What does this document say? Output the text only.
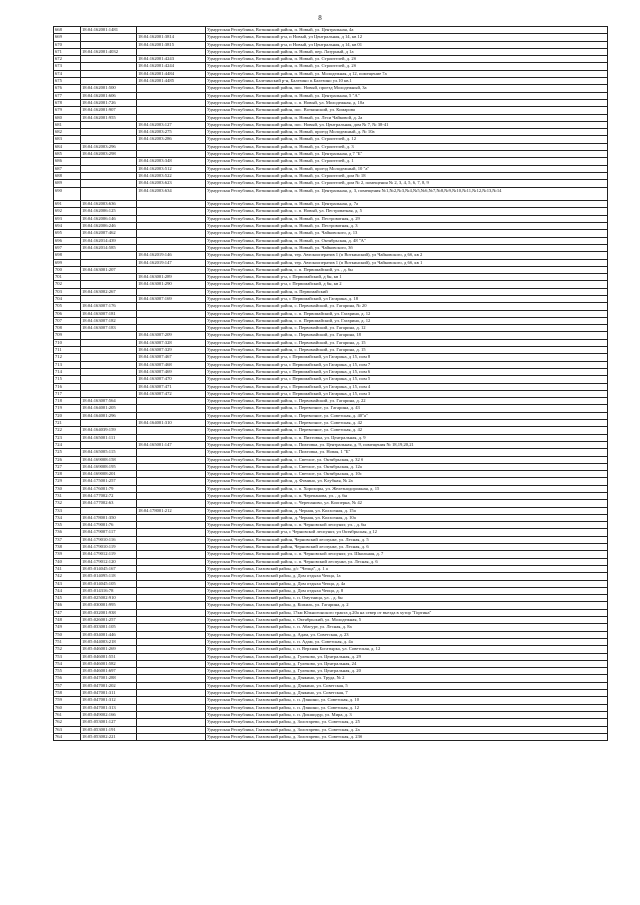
8
668	18:04:162001:1481		Удмуртская Республика, Воткинский район, п. Новый, ул. Центральная, 4а
669		18:04:162001:3814	Удмуртская Республика, Воткинский р-н, п Новый, ул Центральная, д 14, кв 12
670		18:04:162001:3815	Удмуртская Республика, Воткинский р-н, п Новый, ул Центральная, д 14, кв 01
671	18:04:162001:4032		Удмуртская Республика, Воткинский район, п. Новый, пер. Лазурный, д 1а
672		18:04:162001:4243	Удмуртская Республика, Воткинский район, п. Новый, ул. Строителей, д. 2б
673		18:04:162001:4244	Удмуртская Республика, Воткинский район, п. Новый, ул. Строителей, д. 2б
674		18:04:162001:4484	Удмуртская Республика, Воткинский район, п. Новый, ул. Молодежная, д 12, помещение 7а
675		18:04:162001:4485	Удмуртская Республика, Балезинский р-н, Балезино п.Балезино ул.10 кв.1
676	18:04:162001:500		Удмуртская Республика, Воткинский район, пос. Новый, проезд Молодежный, 3а
677	18:04:162001:606		Удмуртская Республика, Воткинский район, п. Новый, ул. Центральная, 5 "А"
678	18:04:162001:726		Удмуртская Республика, Воткинский район, с. п. Новый, ул. Молодежная, д. 10а
679	18:04:162001:907		Удмуртская Республика, Воткинский район, пос. Воткинский, ул. Комарова
680	18:04:162001:955		Удмуртская Республика, Воткинский район, п. Новый, ул. Леси Чайковой, д. 2а
681		18:04:162003:127	Удмуртская Республика, Воткинский район, пос. Новый, ул. Центральная, дом № 7, № 38-41
682		18:04:162003:275	Удмуртская Республика, Воткинский район, п. Новый, проезд Молодежный, д. № 10а
683		18:04:162003:286	Удмуртская Республика, Воткинский район, п. Новый, ул. Строителей, д. 12
684	18:04:162003:296		Удмуртская Республика, Воткинский район, п. Новый, ул. Строителей, д. 3
685	18:04:162003:298		Удмуртская Республика, Воткинский район, п. Новый, ул. Центральная, д 7 "Б"
686		18:04:162003:348	Удмуртская Республика, Воткинский район, п. Новый, ул. Строителей, д. 1
687		18:04:162003:512	Удмуртская Республика, Воткинский район, п. Новый, проезд Молодежный, 10 "а"
688		18:04:162003:522	Удмуртская Республика, Воткинский район, п. Новый, ул. Строителей, дом № 18
689		18:04:162003:623	Удмуртская Республика, Воткинский район, п. Новый, ул. Строителей, дом № 2, помещения № 2, 3, 4, 5, 6, 7, 8, 9
690		18:04:162003:634	Удмуртская Республика, Воткинский район, п. Новый, ул. Центральная, д. 3, помещения №1,№2,№3,№4,№5,№6,№7,№8,№9,№10,№11,№12,№13,№14
691	18:04:162003:636		Удмуртская Республика, Воткинский район, п. Новый, ул. Центральная, д. 7а
692	18:04:162006:125		Удмуртская Республика, Воткинский район, с. п. Новый, ул. Пестроватная, д. 5
693	18:04:162006:146		Удмуртская Республика, Воткинский район, п. Новый, ул. Пестроватная, д. 29
694	18:04:162006:246		Удмуртская Республика, Воткинский район, п. Новый, ул. Пестроватная, д. 3
695	18:04:162007:462		Удмуртская Республика, Воткинский район, п. Новый, ул. Чайковского, д. 13
696	18:04:162014:439		Удмуртская Республика, Воткинский район, п. Новый, ул. Октябрьская, д. 48 "А"
697	18:04:162014:585		Удмуртская Республика, Воткинский район, п. Новый, ул. Чайковского, 3б
698		18:04:162019:146	Удмуртская Республика, Воткинский район, тер. Автокооператив 1 (п Воткинский), ул Чайковского, д 6б, кв 2
699		18:04:162019:147	Удмуртская Республика, Воткинский район, тер. Автокооператив 1 (п Воткинский), ул Чайковского, д 6б, кв 1
700	18:04:163001:207		Удмуртская Республика, Воткинский район, с. п. Первомайский, ул. , д. 6н
701		18:04:163001:289	Удмуртская Республика, Воткинский р-н, с Первомайский, д 6н, кв 1
702		18:04:163001:290	Удмуртская Республика, Воткинский р-н, с Первомайский, д 6н, кв 2
703	18:04:163002:267		Удмуртская Республика, Воткинский район, п. Первомайский
704		18:04:163007:169	Удмуртская Республика, Воткинский р-н, с Первомайский, ул Гагарина, д. 18
705	18:04:163007:176		Удмуртская Республика, Воткинский район, с. Первомайский, ул. Гагарина, № 20
706	18:04:163007:181		Удмуртская Республика, Воткинский район, с. п. Первомайский, ул. Гагарина, д. 12
707	18:04:163007:182		Удмуртская Республика, Воткинский район, с. п. Первомайский, ул. Гагарина, д. 12
708	18:04:163007:183		Удмуртская Республика, Воткинский район, с. Первомайский, ул. Гагарина, д. 12
709		18:04:163007:209	Удмуртская Республика, Воткинский район, с. Первомайский, ул. Гагарина, 18
710		18:04:163007:328	Удмуртская Республика, Воткинский район, с. Первомайский, ул. Гагарина, д. 15
711		18:04:163007:329	Удмуртская Республика, Воткинский район, с. Первомайский, ул. Гагарина, д. 15
712		18:04:163007:467	Удмуртская Республика, Воткинский р-н, с Первомайский, ул Гагарина, д 15, пом 8
713		18:04:163007:468	Удмуртская Республика, Воткинский р-н, с Первомайский, ул Гагарина, д 15, пом 7
714		18:04:163007:469	Удмуртская Республика, Воткинский р-н, с Первомайский, ул Гагарина, д 15, пом 6
715		18:04:163007:470	Удмуртская Республика, Воткинский р-н, с Первомайский, ул Гагарина, д 15, пом 5
716		18:04:163007:471	Удмуртская Республика, Воткинский р-н, с Первомайский, ул Гагарина, д 15, пом 4
717		18:04:163007:472	Удмуртская Республика, Воткинский р-н, с Первомайский, ул Гагарина, д 15, пом 3
718	18:04:163007:564		Удмуртская Республика, Воткинский район, с. Первомайский, ул. Гагарина, д. 22
719	18:04:164001:205		Удмуртская Республика, Воткинский район, с. Перевозное, ул. Гагарина, д. 43
720	18:04:164001:296		Удмуртская Республика, Воткинский район, с. Перевозное, ул. Советская, д. 40"а"
721		18:04:164001:310	Удмуртская Республика, Воткинский район, с. Перевозное, ул. Советская, д. 42
722	18:04:164039:159		Удмуртская Республика, Воткинский район, с. Перевозное, ул. Советская, д. 42
723	18:04:165001:111		Удмуртская Республика, Воткинский район, с. п. Пихтовка, ул. Центральная, д. 9
724		18:04:165001:147	Удмуртская Республика, Воткинский район, с. Пихтовка, ул. Центральная, д. 9, помещения № 18,19,20,21
725	18:04:165005:115		Удмуртская Республика, Воткинский район, с. Пихтовка, ул. Новая, 1 "Б"
726	18:04:169008:158		Удмуртская Республика, Воткинский район, с. Светлое, ул. Октябрьская, д. 32 б
727	18:04:169008:195		Удмуртская Республика, Воткинский район, с. Светлое, ул. Октябрьская, д. 12а
728	18:04:169008:201		Удмуртская Республика, Воткинский район, с. Светлое, ул. Октябрьская, д. 10с
729	18:04:175001:257		Удмуртская Республика, Воткинский район, д. Фомино, ул. Клубная, № 2а
730	18:04:176001:79		Удмуртская Республика, Воткинский район, с. п. Хорохоры, ул. Железнодорожная, д. 15
731	18:04:177002:72		Удмуртская Республика, Воткинский район, с. п. Черепанова, ул. , д. 6н
732	18:04:177002:63		Удмуртская Республика, Воткинский район, с. Черепаново, ул. Кооперна, № 42
733		18:04:178001:212	Удмуртская Республика, Воткинский район, д. Черная, ул. Колхозная, д. 15а
734	18:04:178001:350		Удмуртская Республика, Воткинский район, д. Черная, ул. Колхозная, д. 10а
735	18:04:179001:76		Удмуртская Республика, Воткинский район, с. п. Черновской леспункт, ул. , д. 6н
736	18:04:179007:117		Удмуртская Республика, Воткинский р-н, с Черновской леспункт, ул Октябрьская, д 12
737	18:04:179010:116		Удмуртская Республика, Воткинский район, Черновский леспункт, ул. Лесная, д. 5
738	18:04:179010:119		Удмуртская Республика, Воткинский район, Черновский леспункт, ул. Лесная, д. 6
739	18:04:179012:119		Удмуртская Республика, Воткинский район, с. п. Черновской леспункт, ул. Школьная, д. 7
740	18:04:179012:120		Удмуртская Республика, Воткинский район, с. п. Черновский леспункт, ул. Лесная, д. 6
741	18:05:014045:167		Удмуртская Республика, Глазовский район, д/с "Чепца", д. 1 а
742	18:05:014095:118		Удмуртская Республика, Глазовский район, д. Дом отдыха Чепца, 1а
743	18:05:014045:105		Удмуртская Республика, Глазовский район, д. Дом отдыха Чепца, д. 4а
744	18:05:014316:78		Удмуртская Республика, Глазовский район, д. Дом отдыха Чепца, д. 8
745	18:05:025002:910		Удмуртская Республика, Глазовский район, с. п. Омутница, ул. , д. 6н
746	18:05:030001:995		Удмуртская Республика, Глазовский район, д. Кожиль, ул. Гагарина, д. 2
747	18:05:032001:938		Удмуртская Республика, Глазовский район, 17км Южноеонского тракта д.20а на север от въезда в хутор "Гортина"
748	18:05:026001:257		Удмуртская Республика, Глазовский район, с. Октябрьский, ул. Молодежная, 5
749	18:05:033001:105		Удмуртская Республика, Глазовский район, с. п. Абагурт, ул. Лесная, д. 8а
750	18:05:034001:446		Удмуртская Республика, Глазовский район, д. Адам, ул. Советская, д. 23
751	18:05:044003:218		Удмуртская Республика, Глазовский район, с. п. Адам, ул. Советская, д. 4а
752	18:05:046001:269		Удмуртская Республика, Глазовский район, с. п. Верхняя Богатырка, ул. Советская, д. 12
753	18:05:046001:551		Удмуртская Республика, Глазовский район, д. Гулеково, ул. Центральная, д. 29
754	18:05:046001:582		Удмуртская Республика, Глазовский район, д. Гулеково, ул. Центральная, 24
755	18:05:046001:697		Удмуртская Республика, Глазовский район, д. Гулеково, ул. Центральная, д. 20
756	18:05:047001:288		Удмуртская Республика, Глазовский район, д. Дзякино, ул. Труда, № 2
757	18:05:047001:202		Удмуртская Республика, Глазовский район, д. Дзякино, ул. Советская, 5
758	18:05:047001:311		Удмуртская Республика, Глазовский район, д. Дзякино, ул. Советская, 7
759	18:05:047001:312		Удмуртская Республика, Глазовский район, с. п. Дзякино, ул. Советская, д. 10
760	18:05:047001:313		Удмуртская Республика, Глазовский район, с. п. Дзякино, ул. Советская, д. 12
761	18:05:049002:166		Удмуртская Республика, Глазовский район, с. п. Докшидур, ул. Мира, д. 3
762	18:05:053001:127		Удмуртская Республика, Глазовский район, д. Золотарево, ул. Советская, д. 25
763	18:05:053001:191		Удмуртская Республика, Глазовский район, д. Золотарево, ул. Советская, д. 2а
764	18:05:053002:221		Удмуртская Республика, Глазовский район, д. Золотарево, ул. Советская, д. 23б
